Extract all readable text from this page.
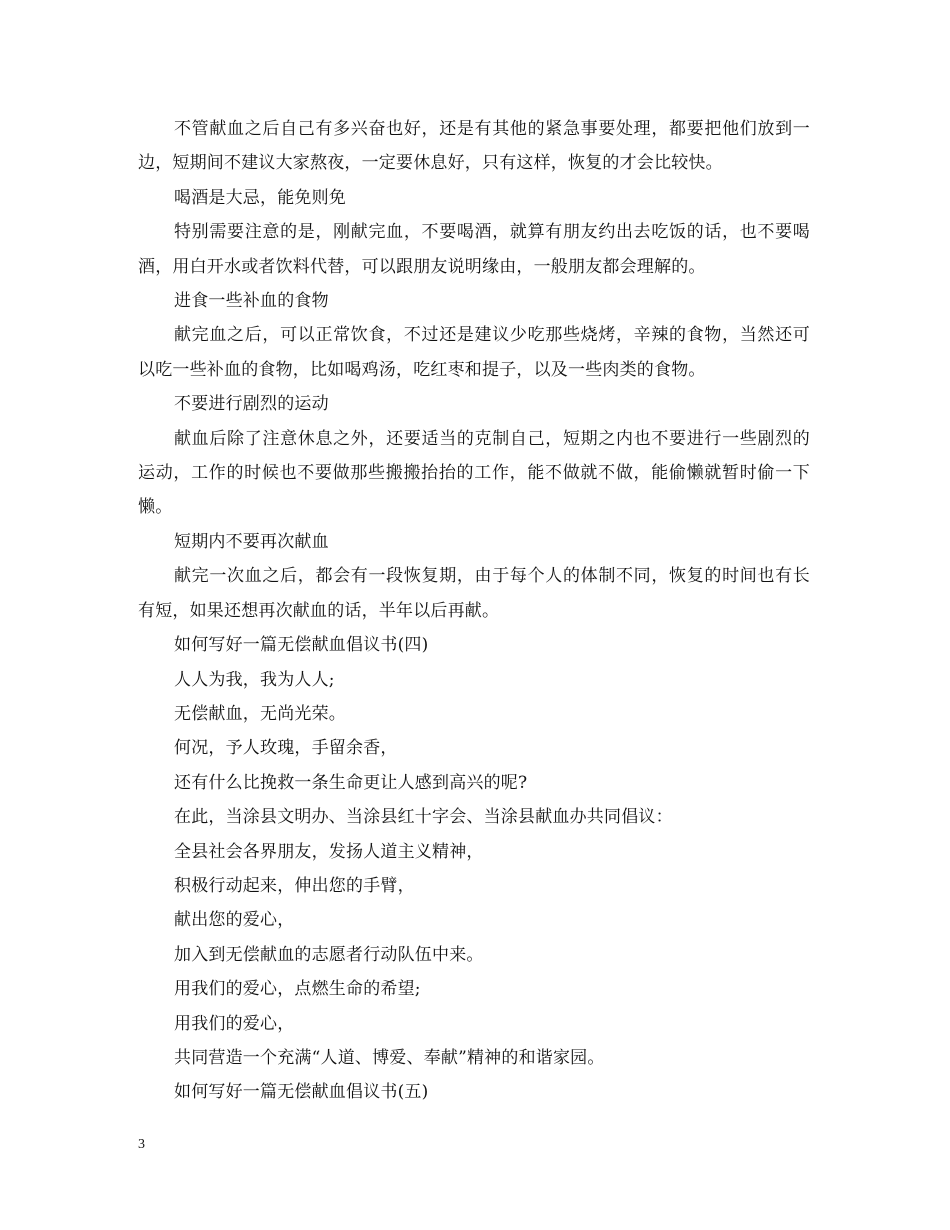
不管献血之后自己有多兴奋也好，还是有其他的紧急事要处理，都要把他们放到一边，短期间不建议大家熬夜，一定要休息好，只有这样，恢复的才会比较快。

喝酒是大忌，能免则免

特别需要注意的是，刚献完血，不要喝酒，就算有朋友约出去吃饭的话，也不要喝酒，用白开水或者饮料代替，可以跟朋友说明缘由，一般朋友都会理解的。

进食一些补血的食物

献完血之后，可以正常饮食，不过还是建议少吃那些烧烤，辛辣的食物，当然还可以吃一些补血的食物，比如喝鸡汤，吃红枣和提子，以及一些肉类的食物。

不要进行剧烈的运动

献血后除了注意休息之外，还要适当的克制自己，短期之内也不要进行一些剧烈的运动，工作的时候也不要做那些搬搬抬抬的工作，能不做就不做，能偷懒就暂时偷一下懒。

短期内不要再次献血

献完一次血之后，都会有一段恢复期，由于每个人的体制不同，恢复的时间也有长有短，如果还想再次献血的话，半年以后再献。

如何写好一篇无偿献血倡议书(四)

人人为我，我为人人;

无偿献血，无尚光荣。

何况，予人玫瑰，手留余香，

还有什么比挽救一条生命更让人感到高兴的呢?

在此，当涂县文明办、当涂县红十字会、当涂县献血办共同倡议：

全县社会各界朋友，发扬人道主义精神，

积极行动起来，伸出您的手臂，

献出您的爱心，

加入到无偿献血的志愿者行动队伍中来。

用我们的爱心，点燃生命的希望;

用我们的爱心，

共同营造一个充满“人道、博爱、奉献”精神的和谐家园。

如何写好一篇无偿献血倡议书(五)

3
